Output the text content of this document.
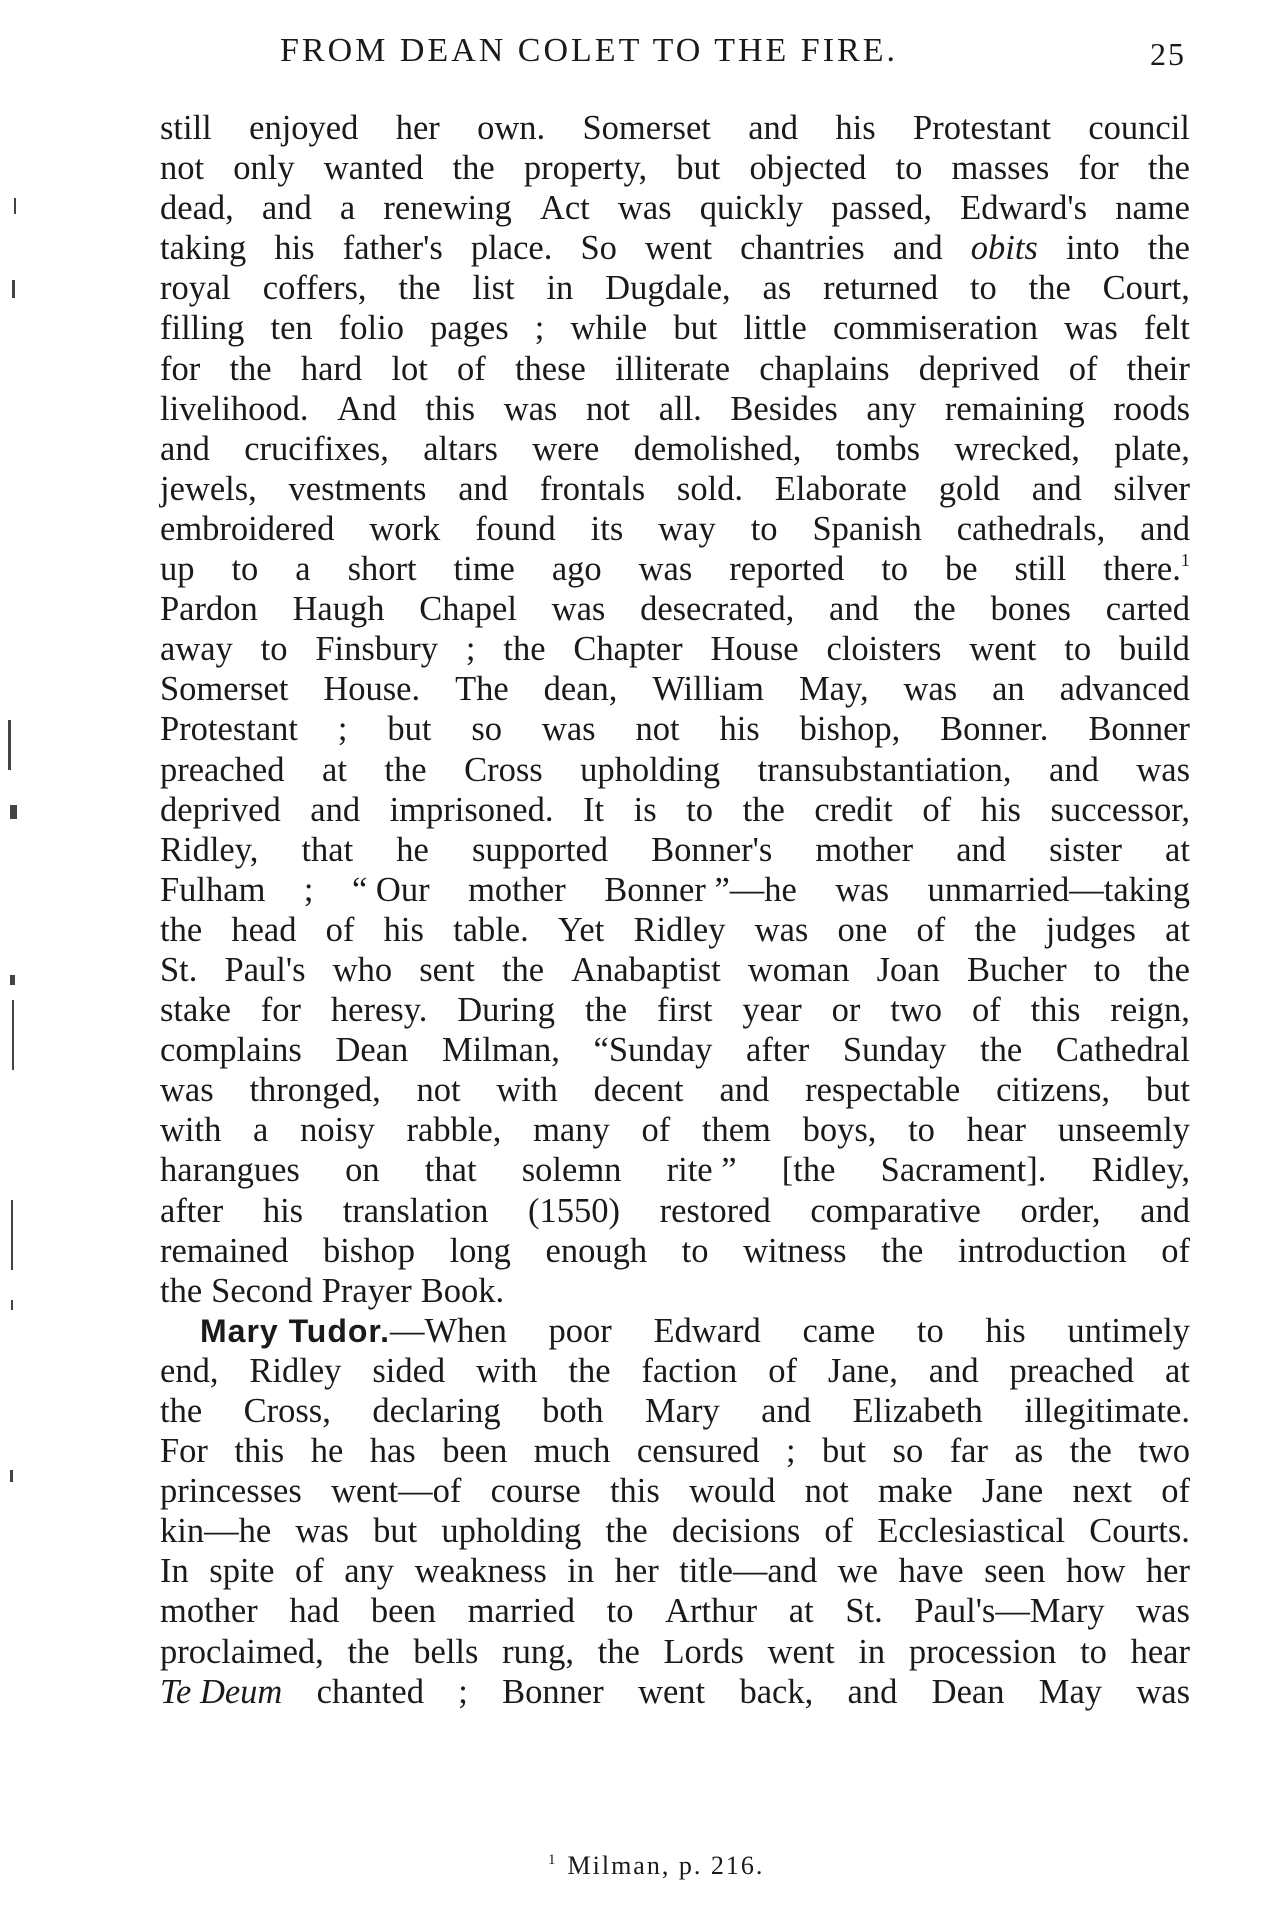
FROM DEAN COLET TO THE FIRE.	25
still enjoyed her own. Somerset and his Protestant council
not only wanted the property, but objected to masses for the
dead, and a renewing Act was quickly passed, Edward's name
taking his father's place. So went chantries and obits into the
royal coffers, the list in Dugdale, as returned to the Court,
filling ten folio pages ; while but little commiseration was felt
for the hard lot of these illiterate chaplains deprived of their
livelihood. And this was not all. Besides any remaining roods
and crucifixes, altars were demolished, tombs wrecked, plate,
jewels, vestments and frontals sold. Elaborate gold and silver
embroidered work found its way to Spanish cathedrals, and
up to a short time ago was reported to be still there.$^1$
Pardon Haugh Chapel was desecrated, and the bones carted
away to Finsbury ; the Chapter House cloisters went to build
Somerset House. The dean, William May, was an advanced
Protestant ; but so was not his bishop, Bonner. Bonner
preached at the Cross upholding transubstantiation, and was
deprived and imprisoned. It is to the credit of his successor,
Ridley, that he supported Bonner's mother and sister at
Fulham ; “ Our mother Bonner ”—he was unmarried—taking
the head of his table. Yet Ridley was one of the judges at
St. Paul's who sent the Anabaptist woman Joan Bucher to the
stake for heresy. During the first year or two of this reign,
complains Dean Milman, “Sunday after Sunday the Cathedral
was thronged, not with decent and respectable citizens, but
with a noisy rabble, many of them boys, to hear unseemly
harangues on that solemn rite ” [the Sacrament]. Ridley,
after his translation (1550) restored comparative order, and
remained bishop long enough to witness the introduction of
the Second Prayer Book.
Mary Tudor.—When poor Edward came to his untimely
end, Ridley sided with the faction of Jane, and preached at
the Cross, declaring both Mary and Elizabeth illegitimate.
For this he has been much censured ; but so far as the two
princesses went—of course this would not make Jane next of
kin—he was but upholding the decisions of Ecclesiastical Courts.
In spite of any weakness in her title—and we have seen how her
mother had been married to Arthur at St. Paul's—Mary was
proclaimed, the bells rung, the Lords went in procession to hear
Te Deum chanted ; Bonner went back, and Dean May was
$^1$ Milman, p. 216.
